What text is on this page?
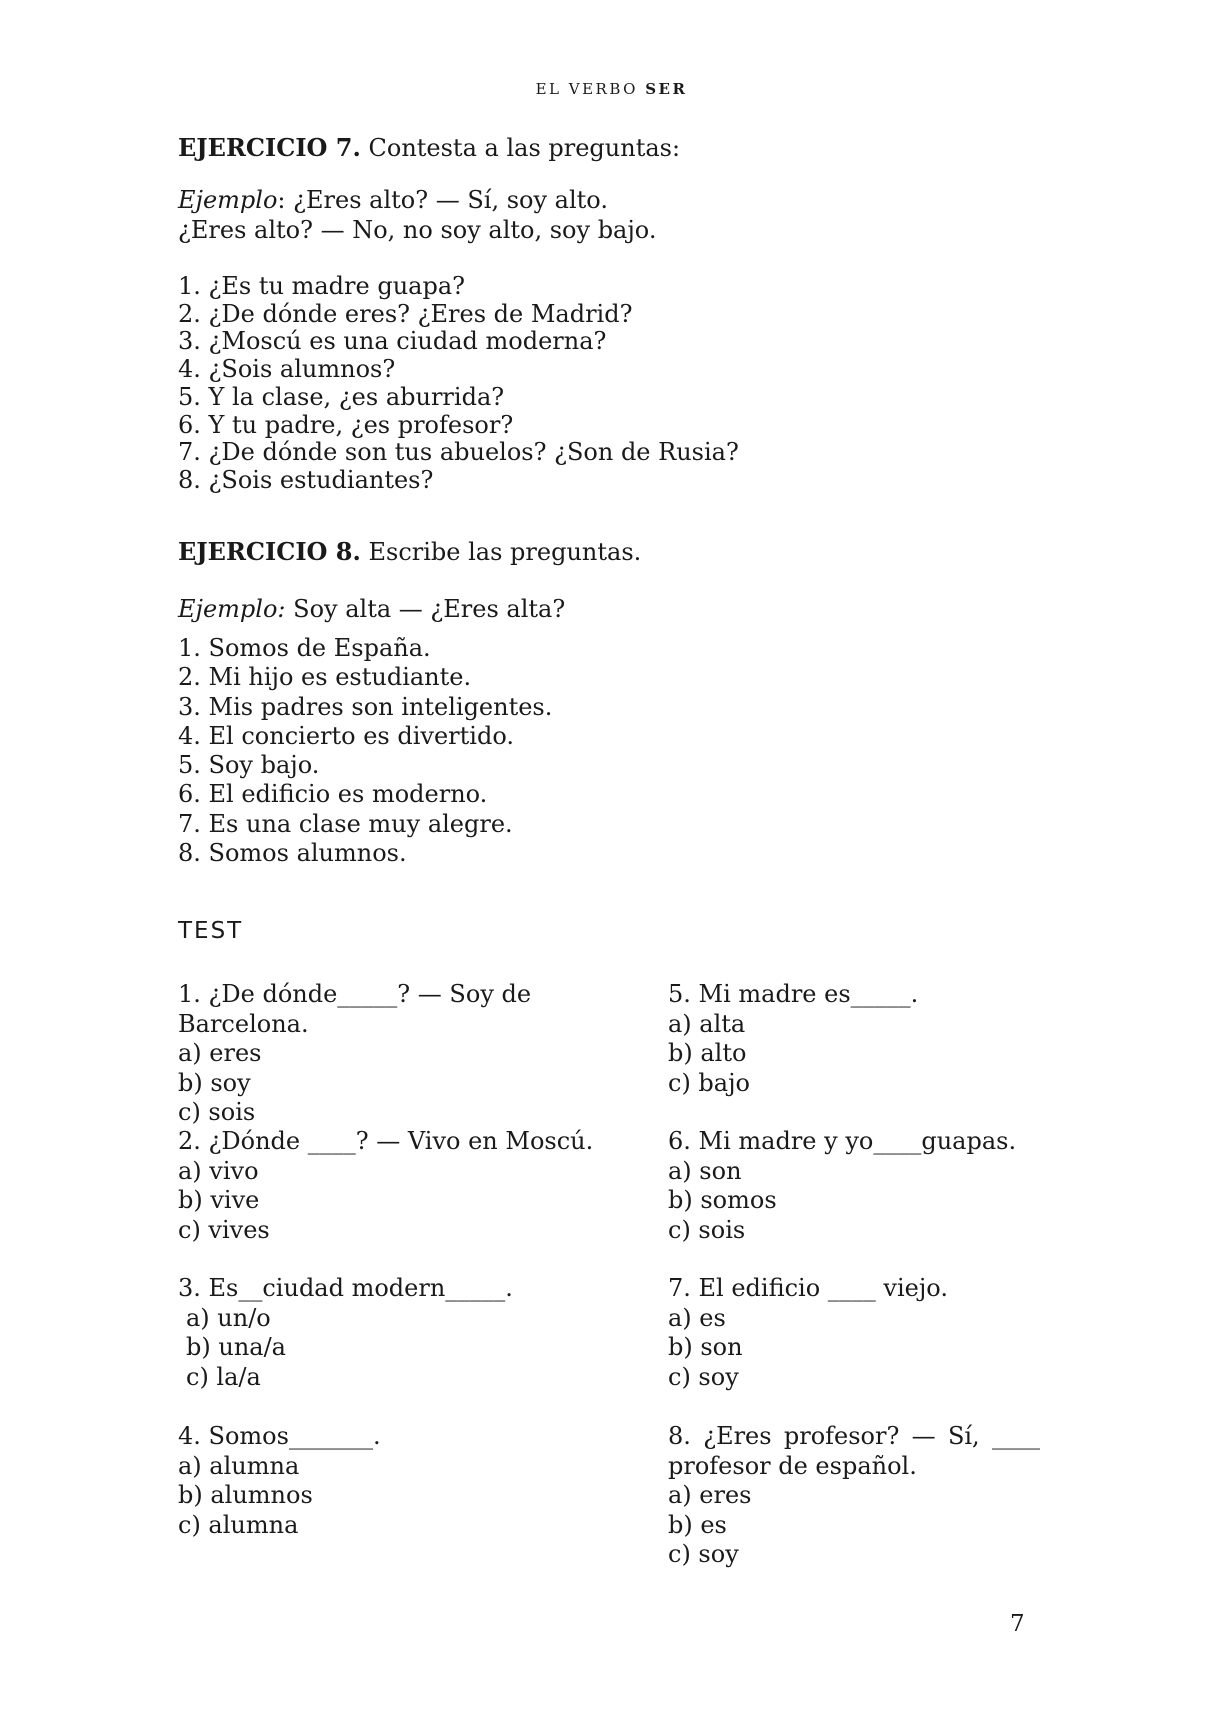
EL VERBO SER

EJERCICIO 7. Contesta a las preguntas:

Ejemplo: ¿Eres alto? — Sí, soy alto.

¿Eres alto? — No, no soy alto, soy bajo.

1. ¿Es tu madre guapa?
2. ¿De dónde eres? ¿Eres de Madrid?
3. ¿Moscú es una ciudad moderna?
4. ¿Sois alumnos?
5. Y la clase, ¿es aburrida?
6. Y tu padre, ¿es profesor?
7. ¿De dónde son tus abuelos? ¿Son de Rusia?
8. ¿Sois estudiantes?

EJERCICIO 8. Escribe las preguntas.

Ejemplo: Soy alta — ¿Eres alta?

1. Somos de España.
2. Mi hijo es estudiante.
3. Mis padres son inteligentes.
4. El concierto es divertido.
5. Soy bajo.
6. El edificio es moderno.
7. Es una clase muy alegre.
8. Somos alumnos.
TEST

1. ¿De dónde_____? — Soy de Barcelona.

a) eres
b) soy
c) sois

2. ¿Dónde ____? — Vivo en Moscú.

a) vivo
b) vive
c) vives

3. Es__ciudad modern_____.

a) un/o
b) una/a
c) la/a

4. Somos_______.

a) alumna
b) alumnos
c) alumna

5. Mi madre es_____.

a) alta
b) alto
c) bajo

6. Mi madre y yo____guapas.

a) son
b) somos
c) sois

7. El edificio ____ viejo.

a) es
b) son
c) soy

8. ¿Eres profesor? — Sí, ____ profesor de español.

a) eres
b) es
c) soy
7
